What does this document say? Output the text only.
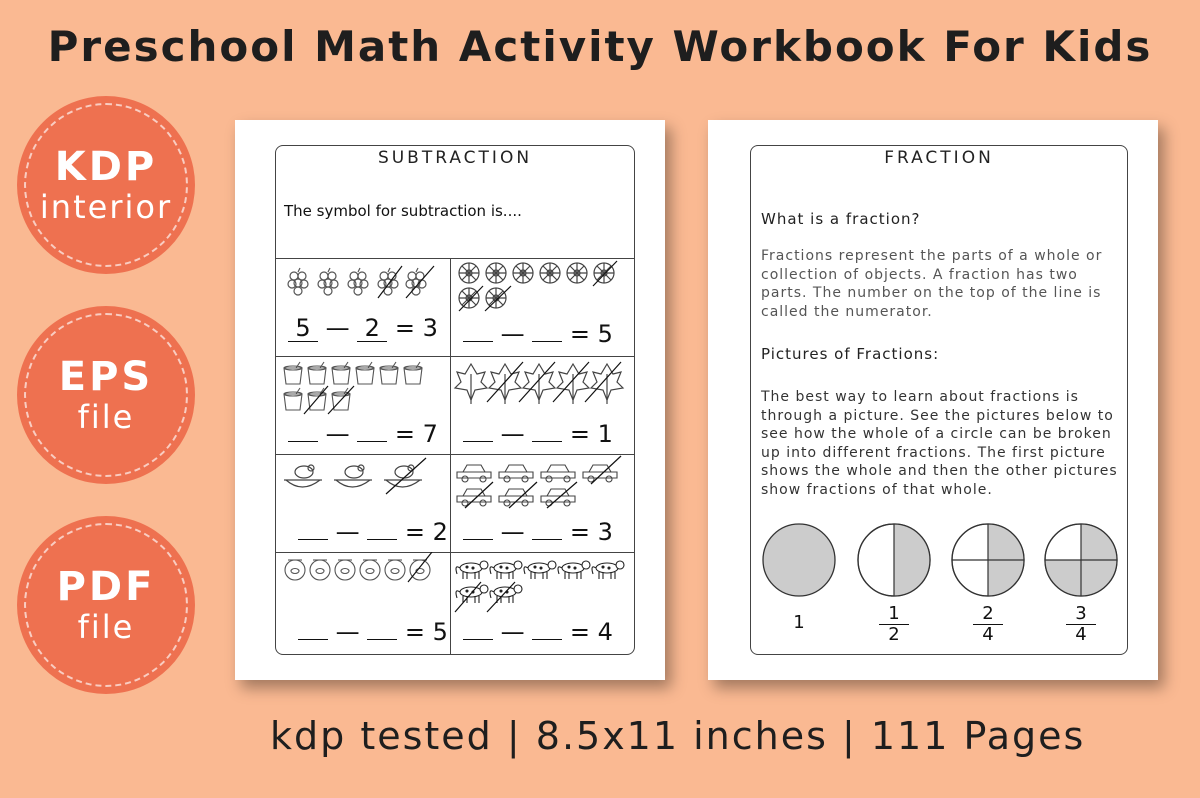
Preschool Math Activity Workbook For Kids
KDP
interior
EPS
file
PDF
file
SUBTRACTION
The symbol for subtraction is....
5 — 2 = 3	— = 5
— = 7	— = 1
— = 2	— = 3
— = 5	— = 4
FRACTION
What is a fraction?
Fractions represent the parts of a whole or collection of objects. A fraction has two parts. The number on the top of the line is called the numerator.
Pictures of Fractions:
The best way to learn about fractions is through a picture. See the pictures below to see how the whole of a circle can be broken up into different fractions. The first picture shows the whole and then the other pictures show fractions of that whole.
1	$\frac{1}{2}$	$\frac{2}{4}$	$\frac{3}{4}$
kdp tested | 8.5x11 inches | 111 Pages
